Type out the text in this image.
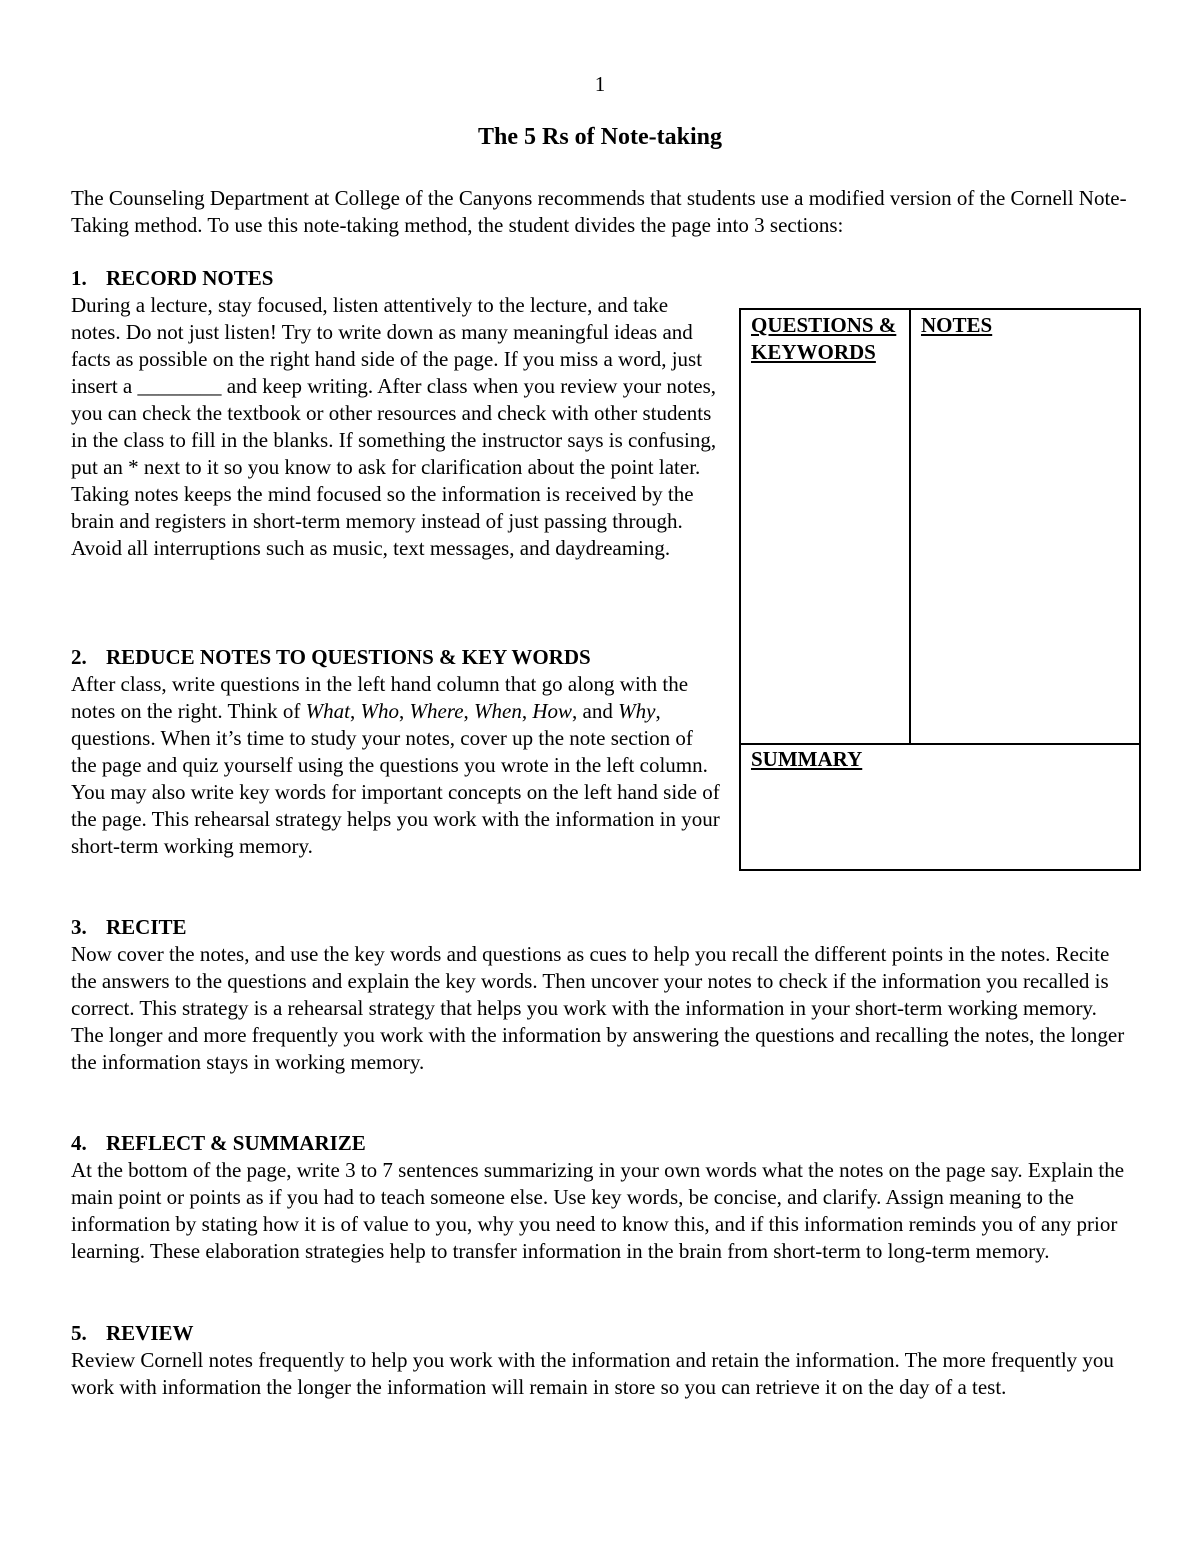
1
The 5 Rs of Note-taking

The Counseling Department at College of the Canyons recommends that students use a modified version of the Cornell Note-Taking method. To use this note-taking method, the student divides the page into 3 sections:

1. RECORD NOTES

During a lecture, stay focused, listen attentively to the lecture, and take notes. Do not just listen! Try to write down as many meaningful ideas and facts as possible on the right hand side of the page. If you miss a word, just insert a ________ and keep writing. After class when you review your notes, you can check the textbook or other resources and check with other students in the class to fill in the blanks. If something the instructor says is confusing, put an * next to it so you know to ask for clarification about the point later. Taking notes keeps the mind focused so the information is received by the brain and registers in short-term memory instead of just passing through. Avoid all interruptions such as music, text messages, and daydreaming.

2. REDUCE NOTES TO QUESTIONS & KEY WORDS

After class, write questions in the left hand column that go along with the notes on the right. Think of What, Who, Where, When, How, and Why, questions. When it’s time to study your notes, cover up the note section of the page and quiz yourself using the questions you wrote in the left column. You may also write key words for important concepts on the left hand side of the page. This rehearsal strategy helps you work with the information in your short-term working memory.

QUESTIONS & KEYWORDS
NOTES
SUMMARY
3. RECITE

Now cover the notes, and use the key words and questions as cues to help you recall the different points in the notes. Recite the answers to the questions and explain the key words. Then uncover your notes to check if the information you recalled is correct. This strategy is a rehearsal strategy that helps you work with the information in your short-term working memory. The longer and more frequently you work with the information by answering the questions and recalling the notes, the longer the information stays in working memory.

4. REFLECT & SUMMARIZE

At the bottom of the page, write 3 to 7 sentences summarizing in your own words what the notes on the page say. Explain the main point or points as if you had to teach someone else. Use key words, be concise, and clarify. Assign meaning to the information by stating how it is of value to you, why you need to know this, and if this information reminds you of any prior learning. These elaboration strategies help to transfer information in the brain from short-term to long-term memory.

5. REVIEW

Review Cornell notes frequently to help you work with the information and retain the information. The more frequently you work with information the longer the information will remain in store so you can retrieve it on the day of a test.
